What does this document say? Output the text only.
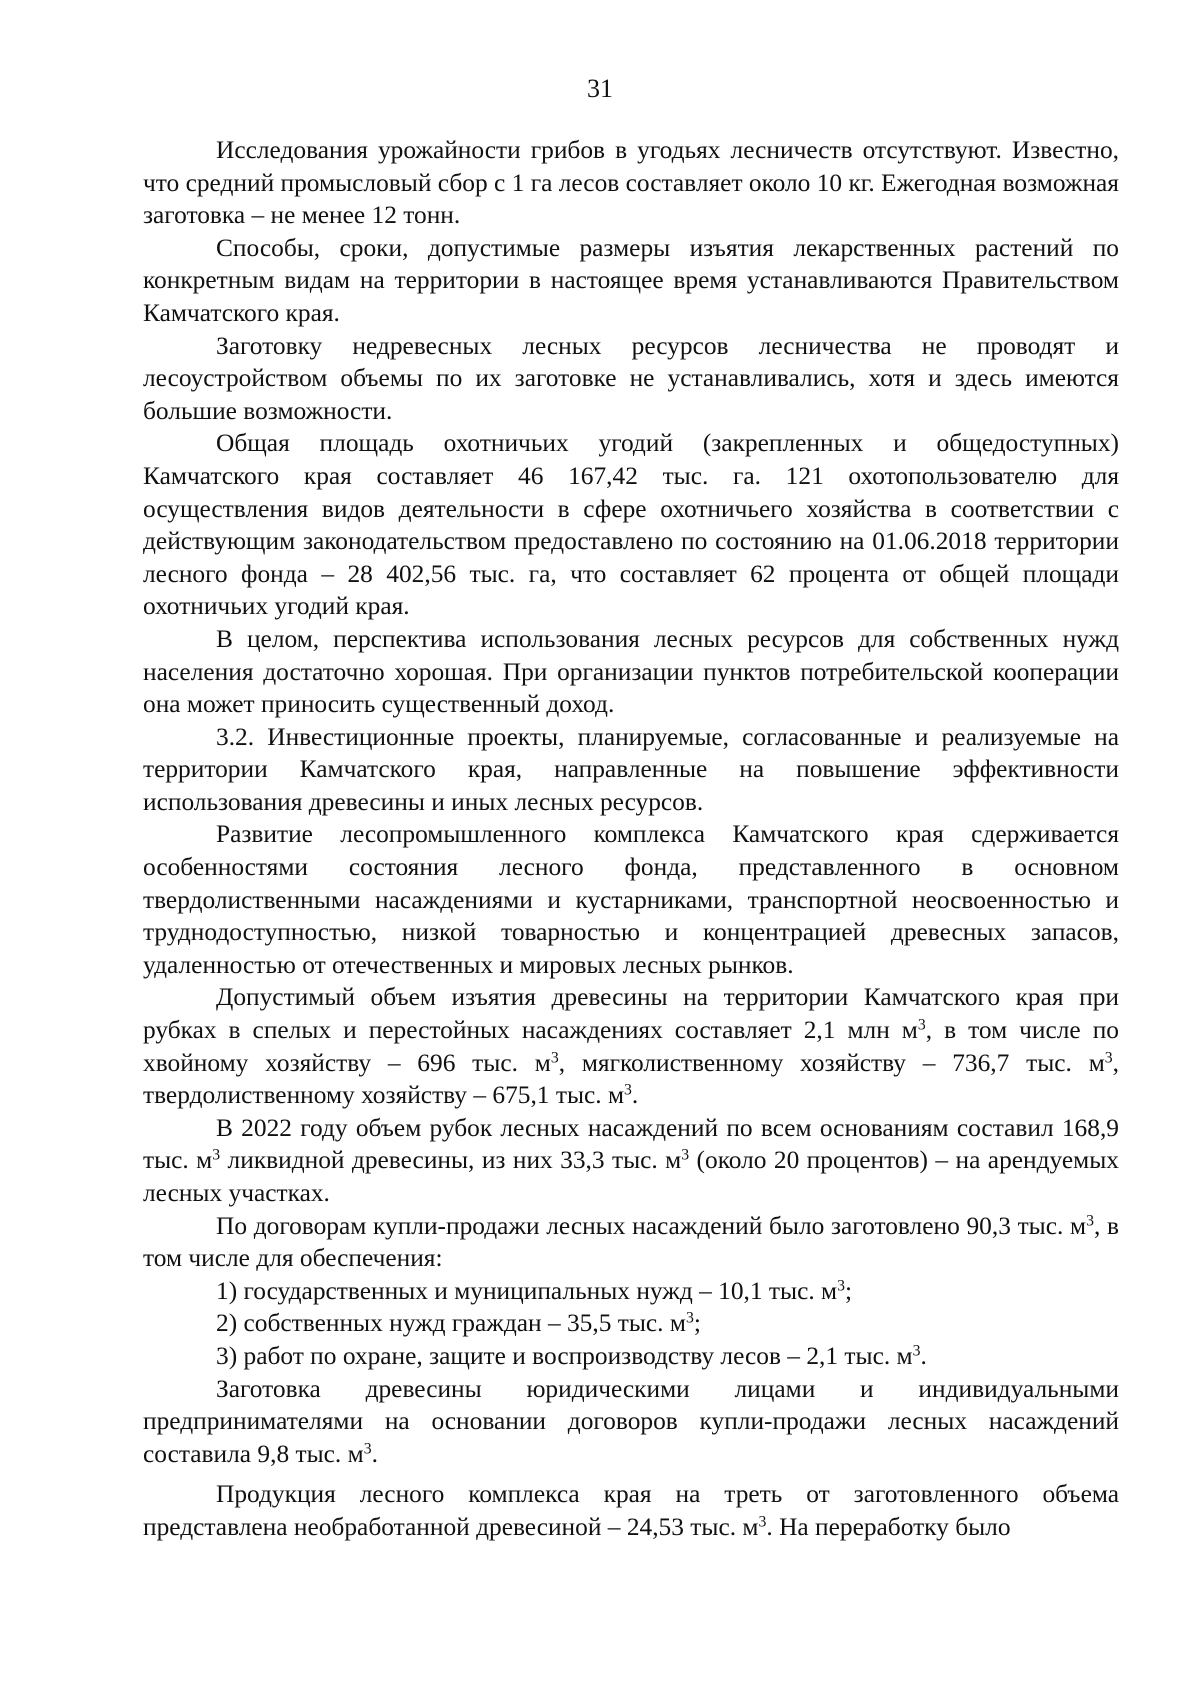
31

Исследования урожайности грибов в угодьях лесничеств отсутствуют. Известно, что средний промысловый сбор с 1 га лесов составляет около 10 кг. Ежегодная возможная заготовка – не менее 12 тонн.

Способы, сроки, допустимые размеры изъятия лекарственных растений по конкретным видам на территории в настоящее время устанавливаются Правительством Камчатского края.

Заготовку недревесных лесных ресурсов лесничества не проводят и лесоустройством объемы по их заготовке не устанавливались, хотя и здесь имеются большие возможности.

Общая площадь охотничьих угодий (закрепленных и общедоступных) Камчатского края составляет 46 167,42 тыс. га. 121 охотопользователю для осуществления видов деятельности в сфере охотничьего хозяйства в соответствии с действующим законодательством предоставлено по состоянию на 01.06.2018 территории лесного фонда – 28 402,56 тыс. га, что составляет 62 процента от общей площади охотничьих угодий края.

В целом, перспектива использования лесных ресурсов для собственных нужд населения достаточно хорошая. При организации пунктов потребительской кооперации она может приносить существенный доход.

3.2. Инвестиционные проекты, планируемые, согласованные и реализуемые на территории Камчатского края, направленные на повышение эффективности использования древесины и иных лесных ресурсов.

Развитие лесопромышленного комплекса Камчатского края сдерживается особенностями состояния лесного фонда, представленного в основном твердолиственными насаждениями и кустарниками, транспортной неосвоенностью и труднодоступностью, низкой товарностью и концентрацией древесных запасов, удаленностью от отечественных и мировых лесных рынков.

Допустимый объем изъятия древесины на территории Камчатского края при рубках в спелых и перестойных насаждениях составляет 2,1 млн $м^3$, в том числе по хвойному хозяйству – 696 тыс. $м^3$, мягколиственному хозяйству – 736,7 тыс. $м^3$, твердолиственному хозяйству – 675,1 тыс. $м^3$.

В 2022 году объем рубок лесных насаждений по всем основаниям составил 168,9 тыс. $м^3$ ликвидной древесины, из них 33,3 тыс. $м^3$ (около 20 процентов) – на арендуемых лесных участках.

По договорам купли-продажи лесных насаждений было заготовлено 90,3 тыс. $м^3$, в том числе для обеспечения:

1) государственных и муниципальных нужд – 10,1 тыс. $м^3$;

2) собственных нужд граждан – 35,5 тыс. $м^3$;

3) работ по охране, защите и воспроизводству лесов – 2,1 тыс. $м^3$.

Заготовка древесины юридическими лицами и индивидуальными предпринимателями на основании договоров купли-продажи лесных насаждений составила 9,8 тыс. $м^3$.

Продукция лесного комплекса края на треть от заготовленного объема представлена необработанной древесиной – 24,53 тыс. $м^3$. На переработку было
